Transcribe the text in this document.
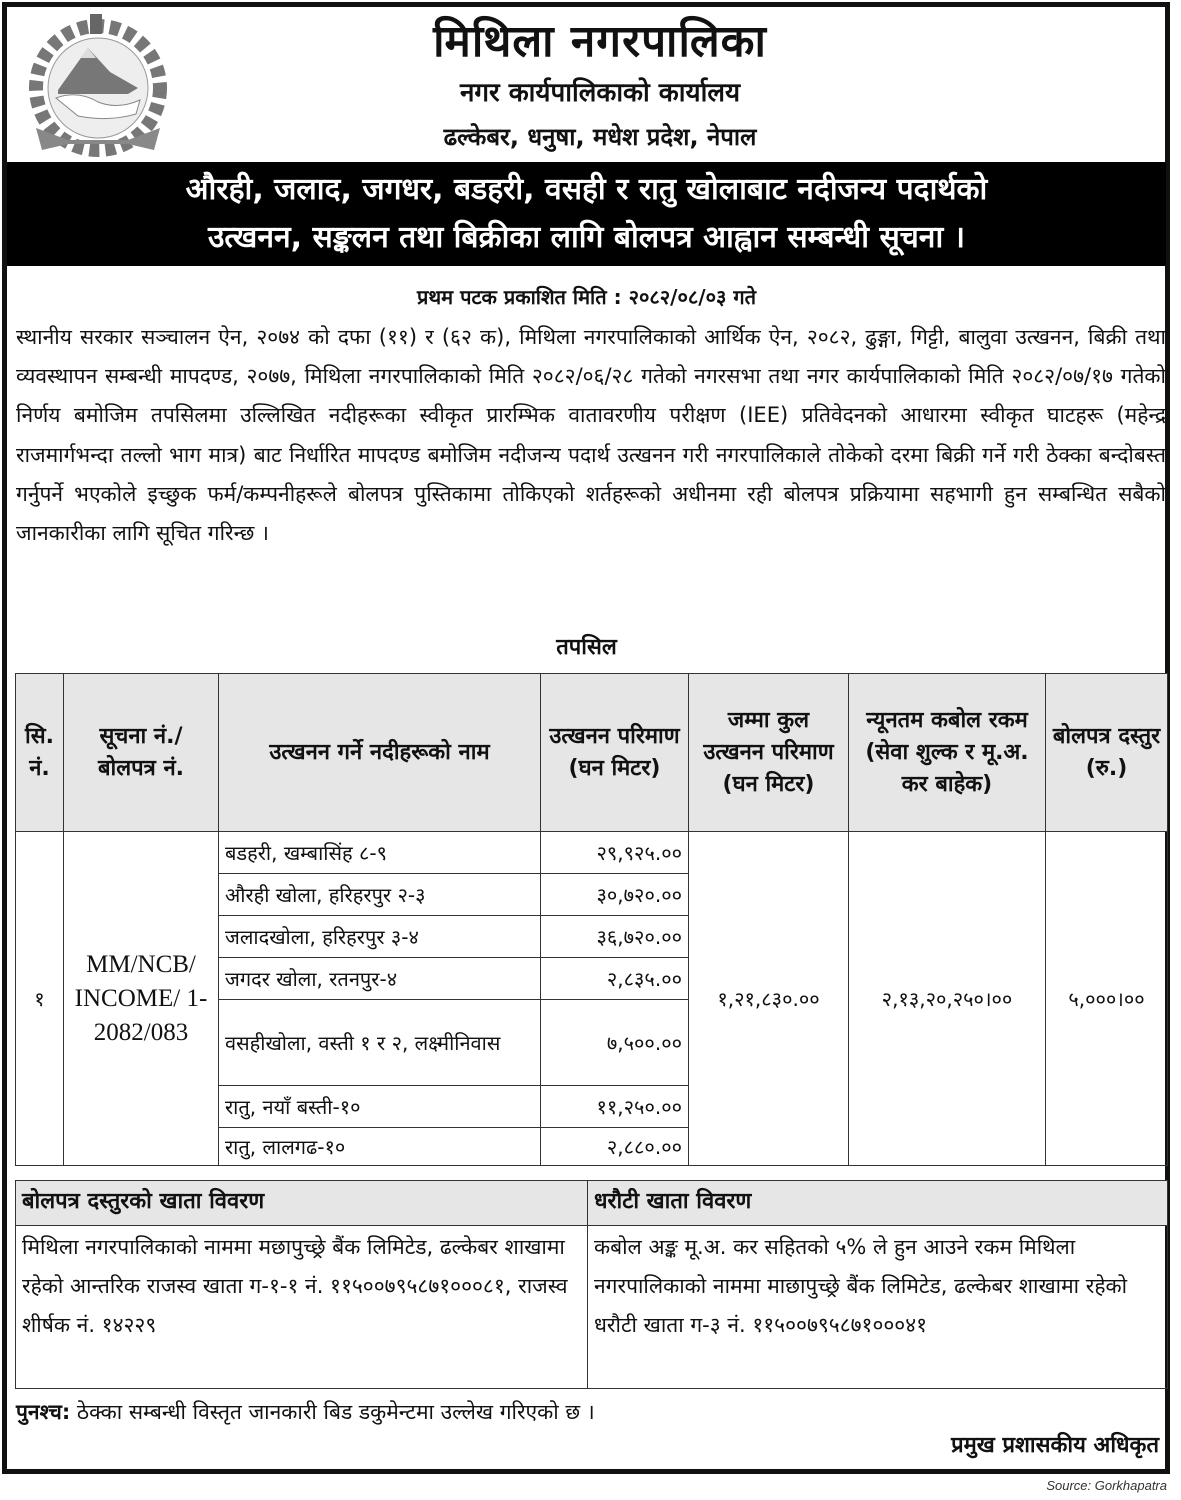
मिथिला नगरपालिका
नगर कार्यपालिकाको कार्यालय
ढल्केबर, धनुषा, मधेश प्रदेश, नेपाल
औरही, जलाद, जगधर, बडहरी, वसही र रातु खोलाबाट नदीजन्य पदार्थको
उत्खनन, सङ्कलन तथा बिक्रीका लागि बोलपत्र आह्वान सम्बन्धी सूचना ।
प्रथम पटक प्रकाशित मिति : २०८२/०८/०३ गते
स्थानीय सरकार सञ्चालन ऐन, २०७४ को दफा (११) र (६२ क), मिथिला नगरपालिकाको आर्थिक ऐन, २०८२, ढुङ्गा, गिट्टी, बालुवा उत्खनन, बिक्री तथा व्यवस्थापन सम्बन्धी मापदण्ड, २०७७, मिथिला नगरपालिकाको मिति २०८२/०६/२८ गतेको नगरसभा तथा नगर कार्यपालिकाको मिति २०८२/०७/१७ गतेको निर्णय बमोजिम तपसिलमा उल्लिखित नदीहरूका स्वीकृत प्रारम्भिक वातावरणीय परीक्षण (IEE) प्रतिवेदनको आधारमा स्वीकृत घाटहरू (महेन्द्र राजमार्गभन्दा तल्लो भाग मात्र) बाट निर्धारित मापदण्ड बमोजिम नदीजन्य पदार्थ उत्खनन गरी नगरपालिकाले तोकेको दरमा बिक्री गर्ने गरी ठेक्का बन्दोबस्त गर्नुपर्ने भएकोले इच्छुक फर्म/कम्पनीहरूले बोलपत्र पुस्तिकामा तोकिएको शर्तहरूको अधीनमा रही बोलपत्र प्रक्रियामा सहभागी हुन सम्बन्धित सबैको जानकारीका लागि सूचित गरिन्छ ।
तपसिल
सि. नं.	सूचना नं./ बोलपत्र नं.	उत्खनन गर्ने नदीहरूको नाम	उत्खनन परिमाण (घन मिटर)	जम्मा कुल उत्खनन परिमाण (घन मिटर)	न्यूनतम कबोल रकम (सेवा शुल्क र मू.अ. कर बाहेक)	बोलपत्र दस्तुर (रु.)
१	MM/NCB/ INCOME/ 1-2082/083	बडहरी, खम्बासिंह ८-९	२९,९२५.००	१,२१,८३०.००	२,१३,२०,२५०।००	५,०००।००
		औरही खोला, हरिहरपुर २-३	३०,७२०.००			
		जलादखोला, हरिहरपुर ३-४	३६,७२०.००			
		जगदर खोला, रतनपुर-४	२,८३५.००			
		वसहीखोला, वस्ती १ र २, लक्ष्मीनिवास	७,५००.००			
		रातु, नयाँ बस्ती-१०	११,२५०.००			
		रातु, लालगढ-१०	२,८८०.००			
बोलपत्र दस्तुरको खाता विवरण	धरौटी खाता विवरण
मिथिला नगरपालिकाको नाममा मछापुच्छ्रे बैंक लिमिटेड, ढल्केबर शाखामा रहेको आन्तरिक राजस्व खाता ग-१-१ नं. ११५००७९५८७१०००८१, राजस्व शीर्षक नं. १४२२९	कबोल अङ्क मू.अ. कर सहितको ५% ले हुन आउने रकम मिथिला नगरपालिकाको नाममा माछापुच्छ्रे बैंक लिमिटेड, ढल्केबर शाखामा रहेको धरौटी खाता ग-३ नं. ११५००७९५८७१०००४१
पुनश्च: ठेक्का सम्बन्धी विस्तृत जानकारी बिड डकुमेन्टमा उल्लेख गरिएको छ ।
प्रमुख प्रशासकीय अधिकृत
Source: Gorkhapatra
